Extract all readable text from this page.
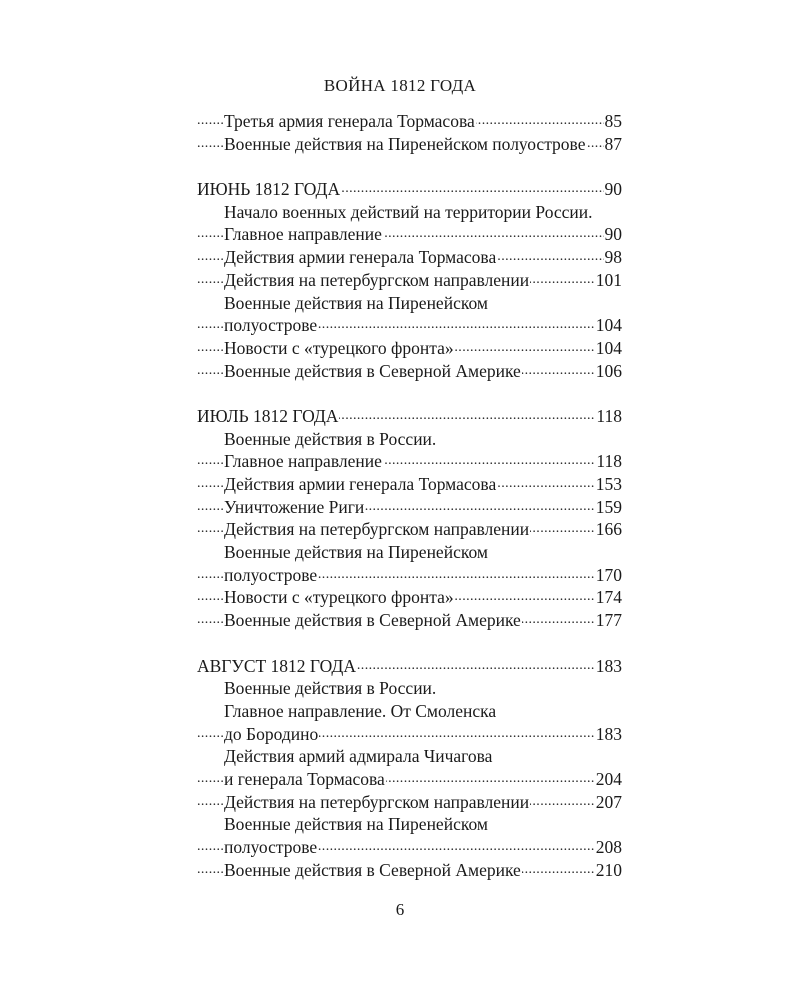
ВОЙНА 1812 ГОДА
..... Третья армия генерала Тормасова	85
..... Военные действия на Пиренейском полуострове 87
..... ИЮНЬ 1812 ГОДА	90
Начало военных действий на территории России.
..... Главное направление	90
..... Действия армии генерала Тормасова	98
..... Действия на петербургском направлении	101
Военные действия на Пиренейском
..... полуострове	104
..... Новости с «турецкого фронта»	104
..... Военные действия в Северной Америке	106
..... ИЮЛЬ 1812 ГОДА	118
Военные действия в России.
..... Главное направление	118
..... Действия армии генерала Тормасова	153
..... Уничтожение Риги	159
..... Действия на петербургском направлении	166
Военные действия на Пиренейском
..... полуострове	170
..... Новости с «турецкого фронта»	174
..... Военные действия в Северной Америке	177
..... АВГУСТ 1812 ГОДА	183
Военные действия в России.
Главное направление. От Смоленска
..... до Бородино	183
Действия армий адмирала Чичагова
..... и генерала Тормасова	204
..... Действия на петербургском направлении	207
Военные действия на Пиренейском
..... полуострове	208
..... Военные действия в Северной Америке	210
6
